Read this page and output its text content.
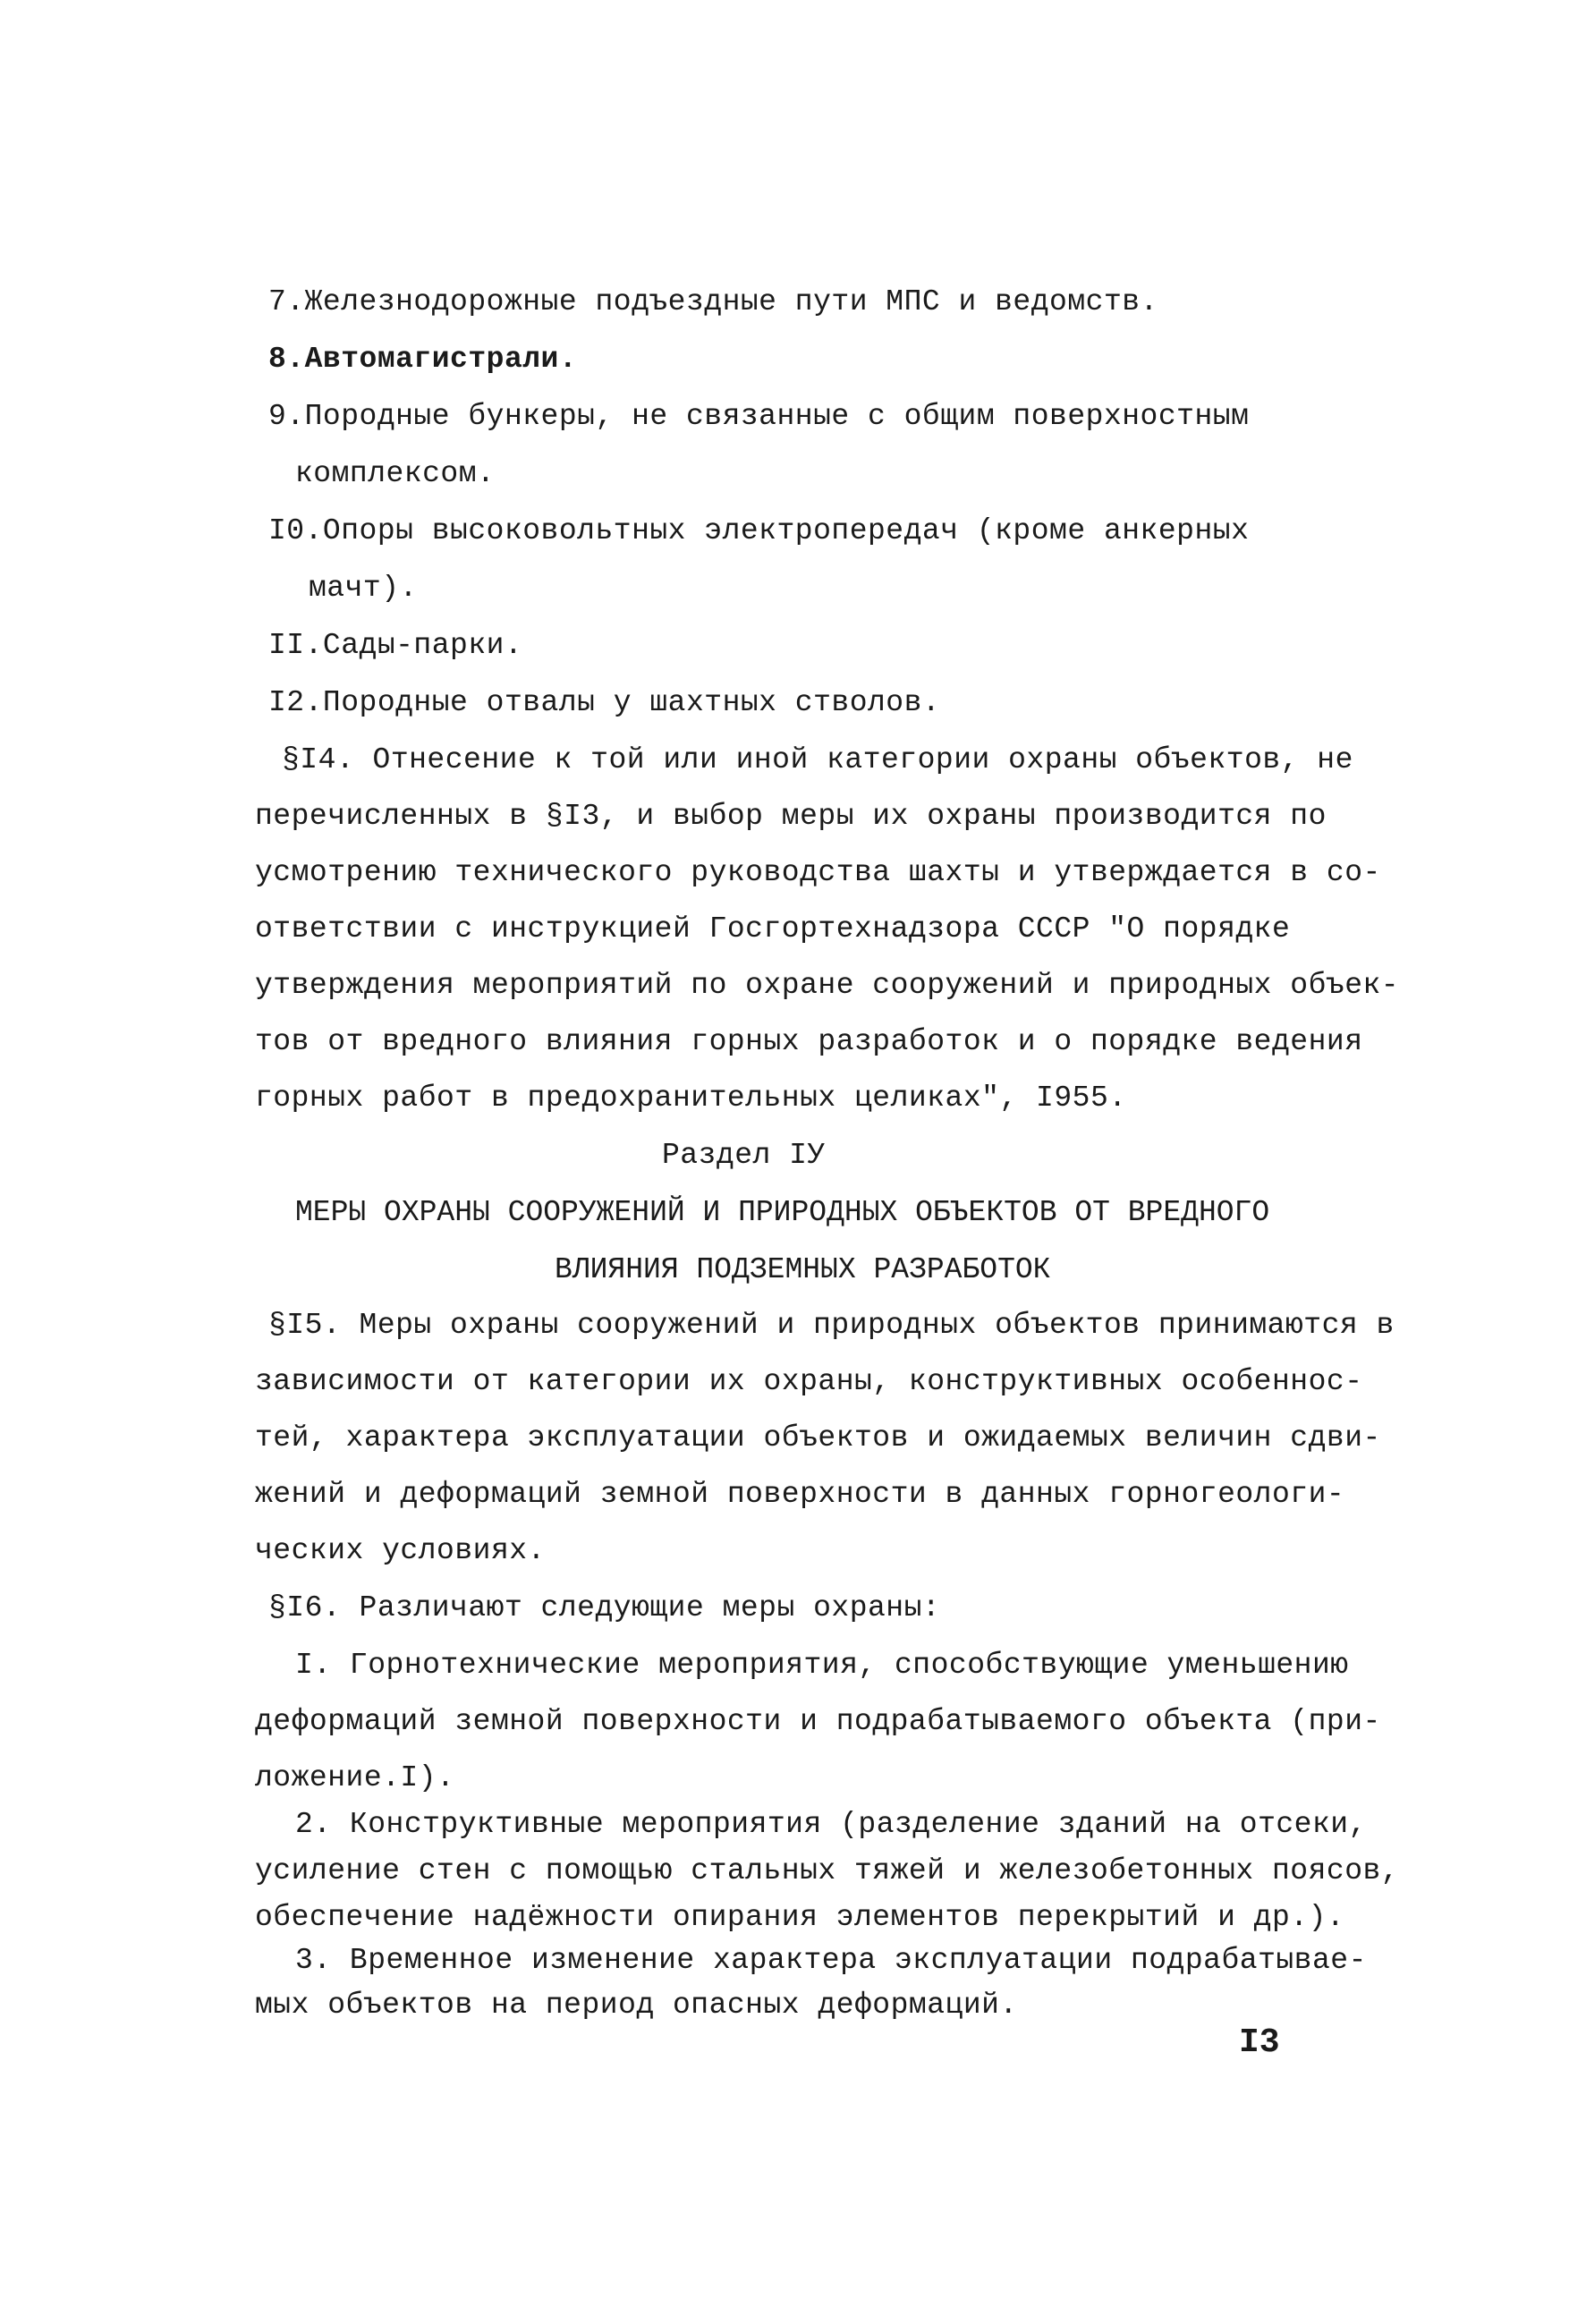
7.Железнодорожные подъездные пути МПС и ведомств.
8.Автомагистрали.
9.Породные бункеры, не связанные с общим поверхностным
комплексом.
I0.Опоры высоковольтных электропередач (кроме анкерных
мачт).
II.Сады-парки.
I2.Породные отвалы у шахтных стволов.
§I4. Отнесение к той или иной категории охраны объектов, не
перечисленных в §I3, и выбор меры их охраны производится по
усмотрению технического руководства шахты и утверждается в со-
ответствии с инструкцией Госгортехнадзора СССР "О порядке
утверждения мероприятий по охране сооружений и природных объек-
тов от вредного влияния горных разработок и о порядке ведения
горных работ в предохранительных целиках", I955.
Раздел IУ
МЕРЫ ОХРАНЫ СООРУЖЕНИЙ И ПРИРОДНЫХ ОБЪЕКТОВ ОТ ВРЕДНОГО
ВЛИЯНИЯ ПОДЗЕМНЫХ РАЗРАБОТОК
§I5. Меры охраны сооружений и природных объектов принимаются в
зависимости от категории их охраны, конструктивных особеннос-
тей, характера эксплуатации объектов и ожидаемых величин сдви-
жений и деформаций земной поверхности в данных горногеологи-
ческих условиях.
§I6. Различают следующие меры охраны:
I. Горнотехнические мероприятия, способствующие уменьшению
деформаций земной поверхности и подрабатываемого объекта (при-
ложение.I).
2. Конструктивные мероприятия (разделение зданий на отсеки,
усиление стен с помощью стальных тяжей и железобетонных поясов,
обеспечение надёжности опирания элементов перекрытий и др.).
3. Временное изменение характера эксплуатации подрабатывае-
мых объектов на период опасных деформаций.
I3
